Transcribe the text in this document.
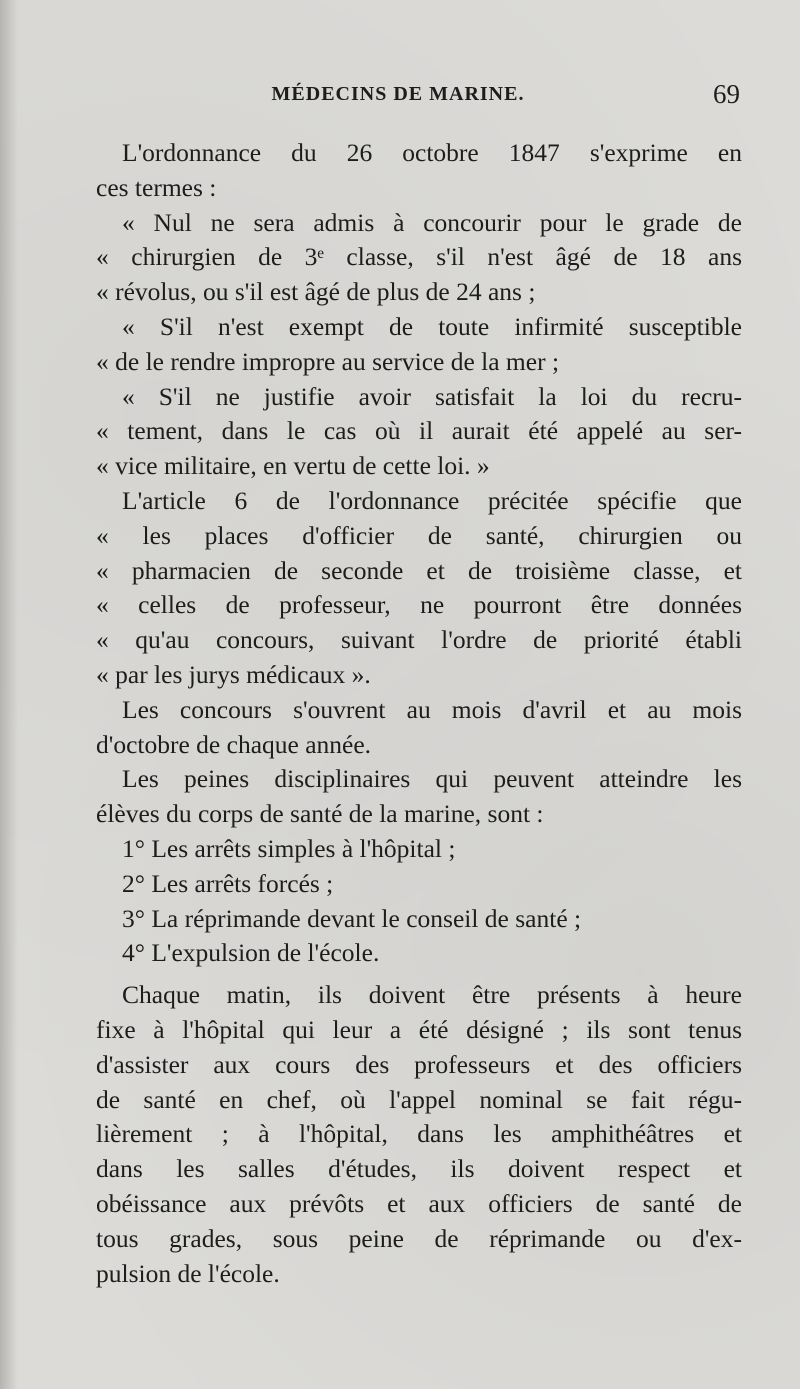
MÉDECINS DE MARINE.	69
L'ordonnance du 26 octobre 1847 s'exprime en
ces termes :
« Nul ne sera admis à concourir pour le grade de
« chirurgien de 3ᵉ classe, s'il n'est âgé de 18 ans
« révolus, ou s'il est âgé de plus de 24 ans ;
« S'il n'est exempt de toute infirmité susceptible
« de le rendre impropre au service de la mer ;
« S'il ne justifie avoir satisfait la loi du recru-
« tement, dans le cas où il aurait été appelé au ser-
« vice militaire, en vertu de cette loi. »
L'article 6 de l'ordonnance précitée spécifie que
« les places d'officier de santé, chirurgien ou
« pharmacien de seconde et de troisième classe, et
« celles de professeur, ne pourront être données
« qu'au concours, suivant l'ordre de priorité établi
« par les jurys médicaux ».
Les concours s'ouvrent au mois d'avril et au mois
d'octobre de chaque année.
Les peines disciplinaires qui peuvent atteindre les
élèves du corps de santé de la marine, sont :
1° Les arrêts simples à l'hôpital ;
2° Les arrêts forcés ;
3° La réprimande devant le conseil de santé ;
4° L'expulsion de l'école.
Chaque matin, ils doivent être présents à heure
fixe à l'hôpital qui leur a été désigné ; ils sont tenus
d'assister aux cours des professeurs et des officiers
de santé en chef, où l'appel nominal se fait régu-
lièrement ; à l'hôpital, dans les amphithéâtres et
dans les salles d'études, ils doivent respect et
obéissance aux prévôts et aux officiers de santé de
tous grades, sous peine de réprimande ou d'ex-
pulsion de l'école.
